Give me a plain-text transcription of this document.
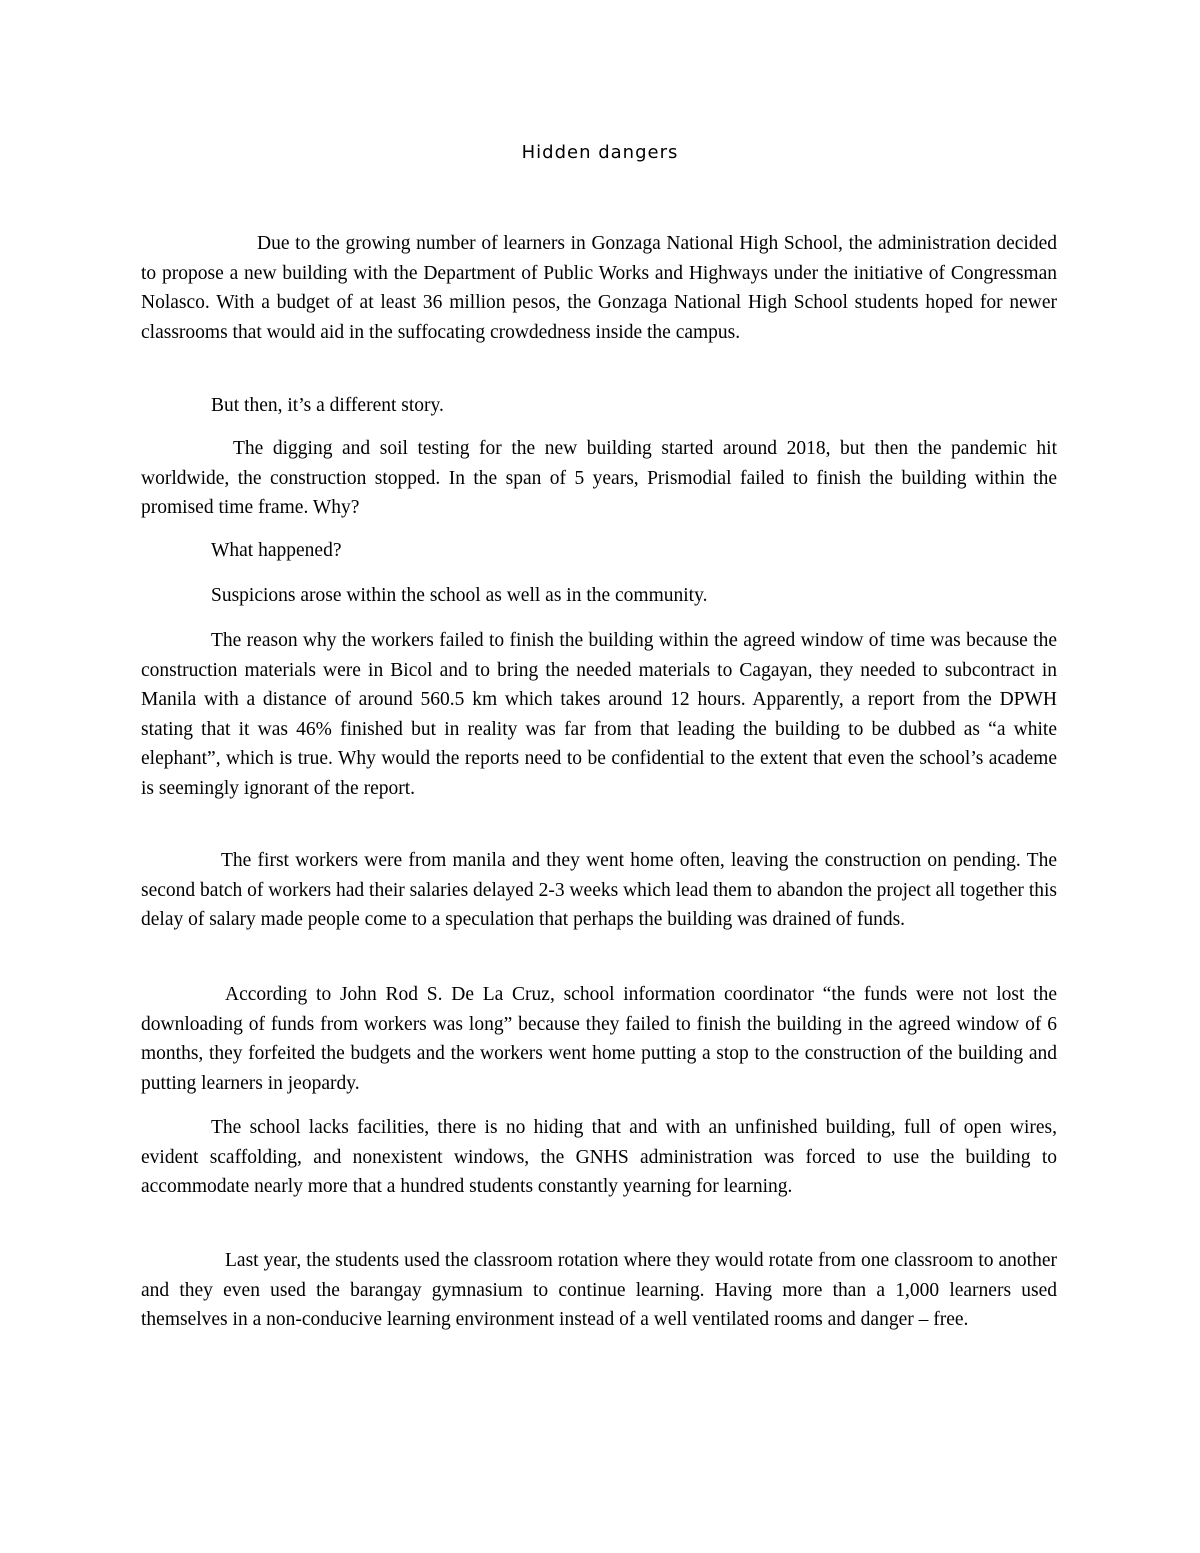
Hidden dangers

Due to the growing number of learners in Gonzaga National High School, the administration decided to propose a new building with the Department of Public Works and Highways under the initiative of Congressman Nolasco. With a budget of at least 36 million pesos, the Gonzaga National High School students hoped for newer classrooms that would aid in the suffocating crowdedness inside the campus.

But then, it’s a different story.

The digging and soil testing for the new building started around 2018, but then the pandemic hit worldwide, the construction stopped. In the span of 5 years, Prismodial failed to finish the building within the promised time frame. Why?

What happened?

Suspicions arose within the school as well as in the community.

The reason why the workers failed to finish the building within the agreed window of time was because the construction materials were in Bicol and to bring the needed materials to Cagayan, they needed to subcontract in Manila with a distance of around 560.5 km which takes around 12 hours. Apparently, a report from the DPWH stating that it was 46% finished but in reality was far from that leading the building to be dubbed as “a white elephant”, which is true. Why would the reports need to be confidential to the extent that even the school’s academe is seemingly ignorant of the report.

The first workers were from manila and they went home often, leaving the construction on pending. The second batch of workers had their salaries delayed 2-3 weeks which lead them to abandon the project all together this delay of salary made people come to a speculation that perhaps the building was drained of funds.

According to John Rod S. De La Cruz, school information coordinator “the funds were not lost the downloading of funds from workers was long” because they failed to finish the building in the agreed window of 6 months, they forfeited the budgets and the workers went home putting a stop to the construction of the building and putting learners in jeopardy.

The school lacks facilities, there is no hiding that and with an unfinished building, full of open wires, evident scaffolding, and nonexistent windows, the GNHS administration was forced to use the building to accommodate nearly more that a hundred students constantly yearning for learning.

Last year, the students used the classroom rotation where they would rotate from one classroom to another and they even used the barangay gymnasium to continue learning. Having more than a 1,000 learners used themselves in a non-conducive learning environment instead of a well ventilated rooms and danger – free.
